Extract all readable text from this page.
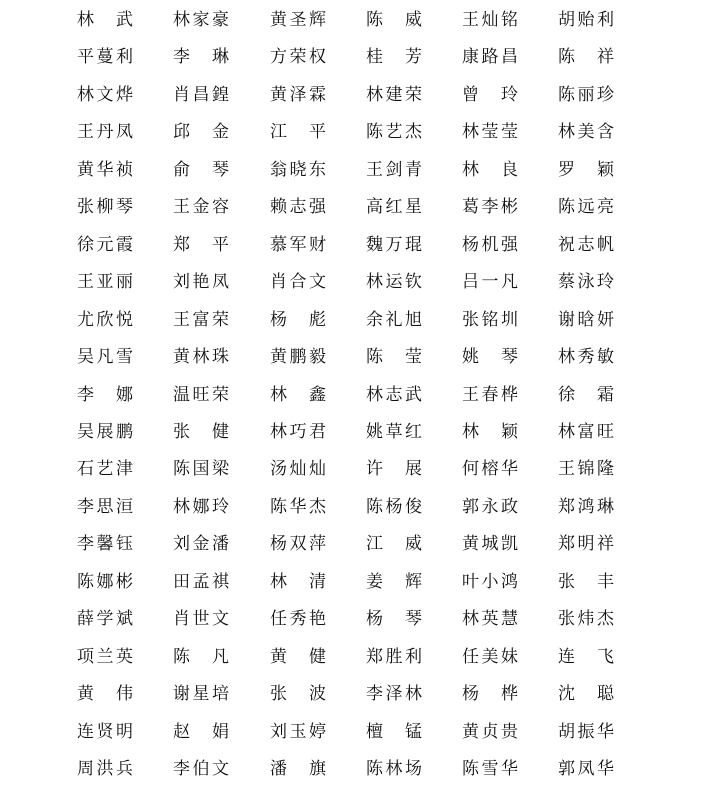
林　武 林家豪 黄圣辉 陈　威 王灿铭 胡贻利
平蔓利 李　琳 方荣权 桂　芳 康路昌 陈　祥
林文烨 肖昌鍠 黄泽霖 林建荣 曾　玲 陈丽珍
王丹凤 邱　金 江　平 陈艺杰 林莹莹 林美含
黄华祯 俞　琴 翁晓东 王剑青 林　良 罗　颖
张柳琴 王金容 赖志强 高红星 葛李彬 陈远亮
徐元霞 郑　平 慕军财 魏万琨 杨机强 祝志帆
王亚丽 刘艳凤 肖合文 林运钦 吕一凡 蔡泳玲
尤欣悦 王富荣 杨　彪 余礼旭 张铭圳 谢晗妍
吴凡雪 黄林珠 黄鹏毅 陈　莹 姚　琴 林秀敏
李　娜 温旺荣 林　鑫 林志武 王春桦 徐　霜
吴展鹏 张　健 林巧君 姚草红 林　颖 林富旺
石艺津 陈国梁 汤灿灿 许　展 何榕华 王锦隆
李思洹 林娜玲 陈华杰 陈杨俊 郭永政 郑鸿琳
李馨钰 刘金潘 杨双萍 江　威 黄城凯 郑明祥
陈娜彬 田孟祺 林　清 姜　辉 叶小鸿 张　丰
薛学斌 肖世文 任秀艳 杨　琴 林英慧 张炜杰
项兰英 陈　凡 黄　健 郑胜利 任美妹 连　飞
黄　伟 谢星培 张　波 李泽林 杨　桦 沈　聪
连贤明 赵　娟 刘玉婷 檀　锰 黄贞贵 胡振华
周洪兵 李伯文 潘　旗 陈林场 陈雪华 郭凤华
